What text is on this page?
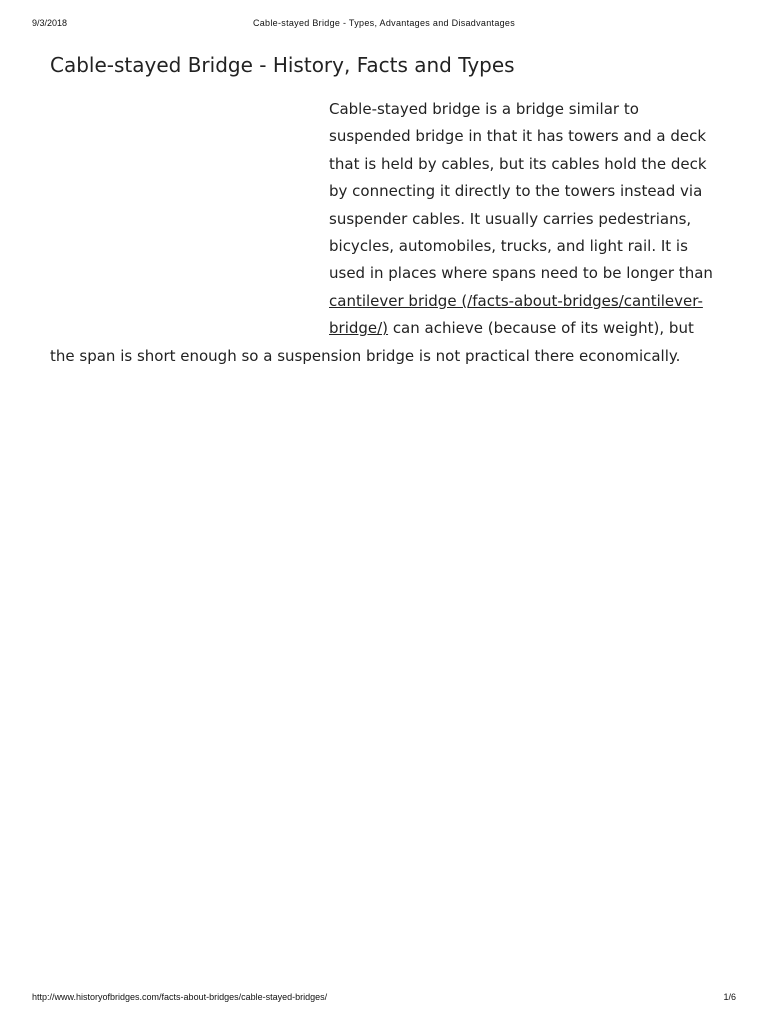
9/3/2018	Cable-stayed Bridge - Types, Advantages and Disadvantages
Cable-stayed Bridge - History, Facts and Types

Cable-stayed bridge is a bridge similar to suspended bridge in that it has towers and a deck that is held by cables, but its cables hold the deck by connecting it directly to the towers instead via suspender cables. It usually carries pedestrians, bicycles, automobiles, trucks, and light rail. It is used in places where spans need to be longer than cantilever bridge (/facts-about-bridges/cantilever-bridge/) can achieve (because of its weight), but the span is short enough so a suspension bridge is not practical there economically.

http://www.historyofbridges.com/facts-about-bridges/cable-stayed-bridges/	1/6
